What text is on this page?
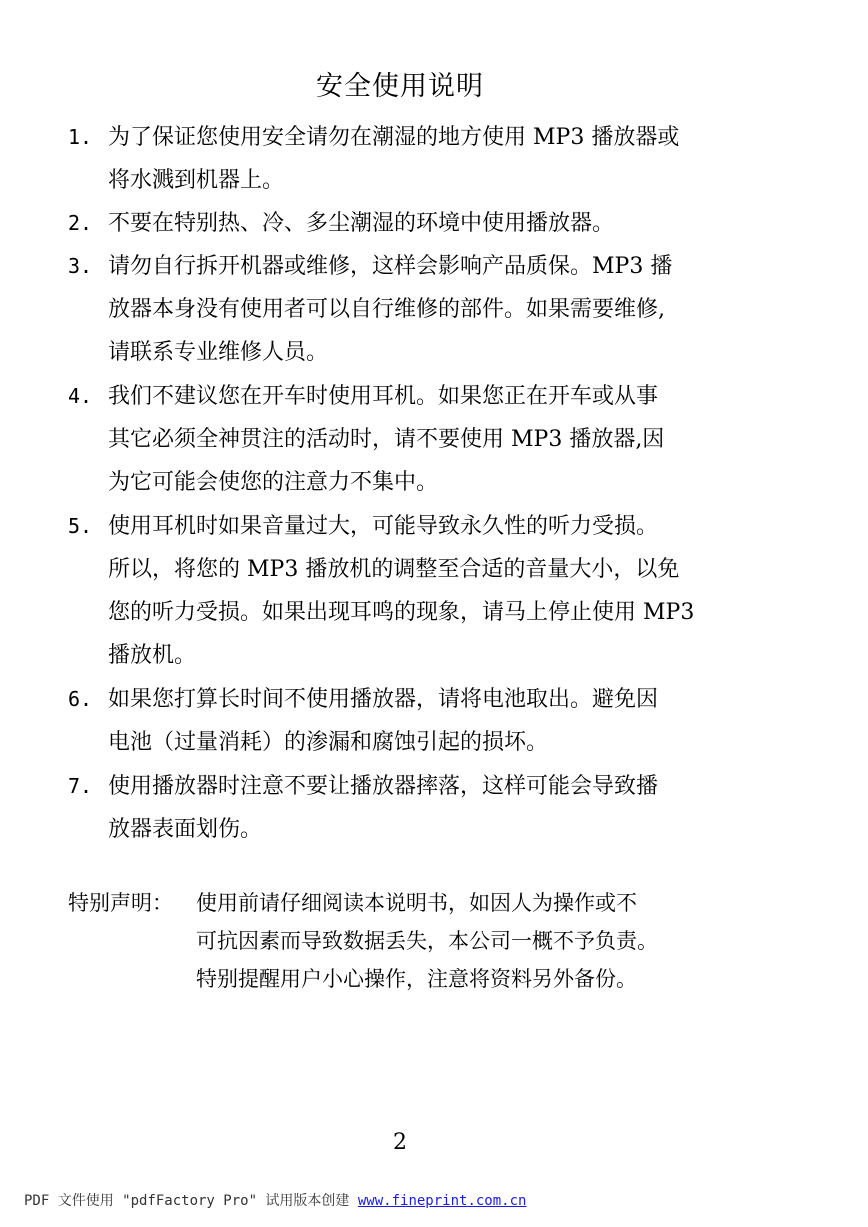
安全使用说明
1. 为了保证您使用安全请勿在潮湿的地方使用 MP3 播放器或
将水溅到机器上。
2. 不要在特别热、冷、多尘潮湿的环境中使用播放器。
3. 请勿自行拆开机器或维修，这样会影响产品质保。MP3 播
放器本身没有使用者可以自行维修的部件。如果需要维修,
请联系专业维修人员。
4. 我们不建议您在开车时使用耳机。如果您正在开车或从事
其它必须全神贯注的活动时，请不要使用 MP3 播放器,因
为它可能会使您的注意力不集中。
5. 使用耳机时如果音量过大，可能导致永久性的听力受损。
所以，将您的 MP3 播放机的调整至合适的音量大小，以免
您的听力受损。如果出现耳鸣的现象，请马上停止使用 MP3
播放机。
6. 如果您打算长时间不使用播放器，请将电池取出。避免因
电池（过量消耗）的渗漏和腐蚀引起的损坏。
7. 使用播放器时注意不要让播放器摔落，这样可能会导致播
放器表面划伤。
特别声明： 使用前请仔细阅读本说明书，如因人为操作或不
可抗因素而导致数据丢失，本公司一概不予负责。
特别提醒用户小心操作，注意将资料另外备份。
2
PDF 文件使用 "pdfFactory Pro" 试用版本创建 www.fineprint.com.cn
